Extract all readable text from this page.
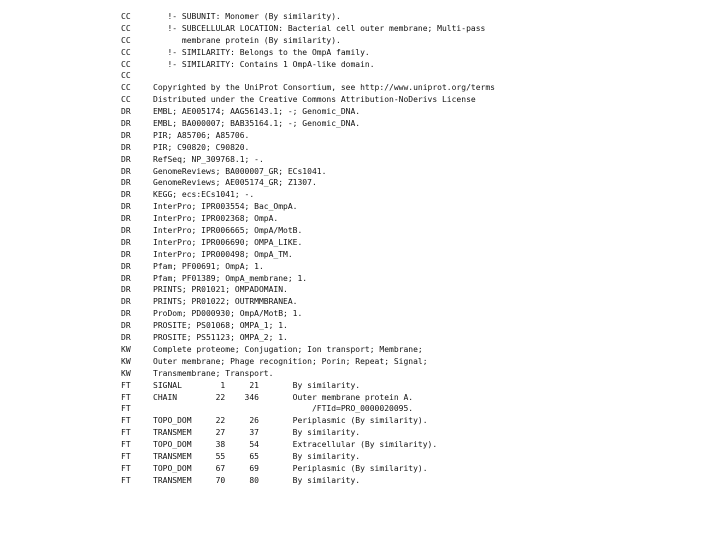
CC	!- SUBUNIT: Monomer (By similarity).
CC	!- SUBCELLULAR LOCATION: Bacterial cell outer membrane; Multi-pass
CC	membrane protein (By similarity).
CC	!- SIMILARITY: Belongs to the OmpA family.
CC	!- SIMILARITY: Contains 1 OmpA-like domain.
CC
CC	Copyrighted by the UniProt Consortium, see http://www.uniprot.org/terms
CC	Distributed under the Creative Commons Attribution-NoDerivs License
DR	EMBL; AE005174; AAG56143.1; -; Genomic_DNA.
DR	EMBL; BA000007; BAB35164.1; -; Genomic_DNA.
DR	PIR; A85706; A85706.
DR	PIR; C90820; C90820.
DR	RefSeq; NP_309768.1; -.
DR	GenomeReviews; BA000007_GR; ECs1041.
DR	GenomeReviews; AE005174_GR; Z1307.
DR	KEGG; ecs:ECs1041; -.
DR	InterPro; IPR003554; Bac_OmpA.
DR	InterPro; IPR002368; OmpA.
DR	InterPro; IPR006665; OmpA/MotB.
DR	InterPro; IPR006690; OMPA_LIKE.
DR	InterPro; IPR000498; OmpA_TM.
DR	Pfam; PF00691; OmpA; 1.
DR	Pfam; PF01389; OmpA_membrane; 1.
DR	PRINTS; PR01021; OMPADOMAIN.
DR	PRINTS; PR01022; OUTRMMBRANEA.
DR	ProDom; PD000930; OmpA/MotB; 1.
DR	PROSITE; PS01068; OMPA_1; 1.
DR	PROSITE; PS51123; OMPA_2; 1.
KW	Complete proteome; Conjugation; Ion transport; Membrane;
KW	Outer membrane; Phage recognition; Porin; Repeat; Signal;
KW	Transmembrane; Transport.
FT	SIGNAL        1     21       By similarity.
FT	CHAIN        22    346       Outer membrane protein A.
FT	/FTId=PRO_0000020095.
FT	TOPO_DOM     22     26       Periplasmic (By similarity).
FT	TRANSMEM     27     37       By similarity.
FT	TOPO_DOM     38     54       Extracellular (By similarity).
FT	TRANSMEM     55     65       By similarity.
FT	TOPO_DOM     67     69       Periplasmic (By similarity).
FT	TRANSMEM     70     80       By similarity.
